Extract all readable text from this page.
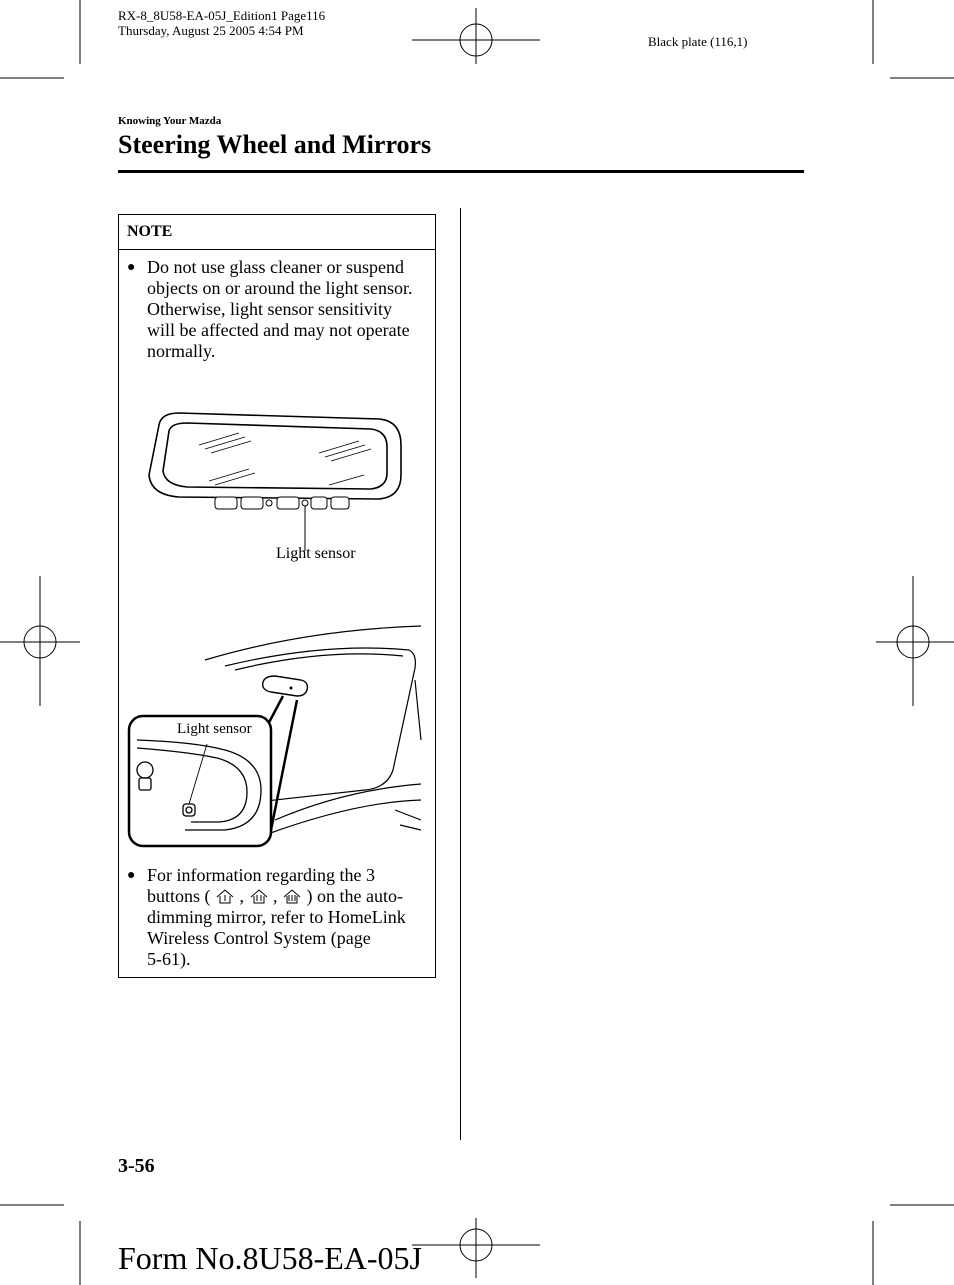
RX-8_8U58-EA-05J_Edition1 Page116
Thursday, August 25 2005 4:54 PM
Black plate (116,1)
Knowing Your Mazda
Steering Wheel and Mirrors
NOTE
● Do not use glass cleaner or suspend
objects on or around the light sensor.
Otherwise, light sensor sensitivity
will be affected and may not operate
normally.
Light sensor
Light sensor
● For information regarding the 3
buttons ( , , ) on the auto-
dimming mirror, refer to HomeLink
Wireless Control System (page
5-61).
3-56
Form No.8U58-EA-05J
